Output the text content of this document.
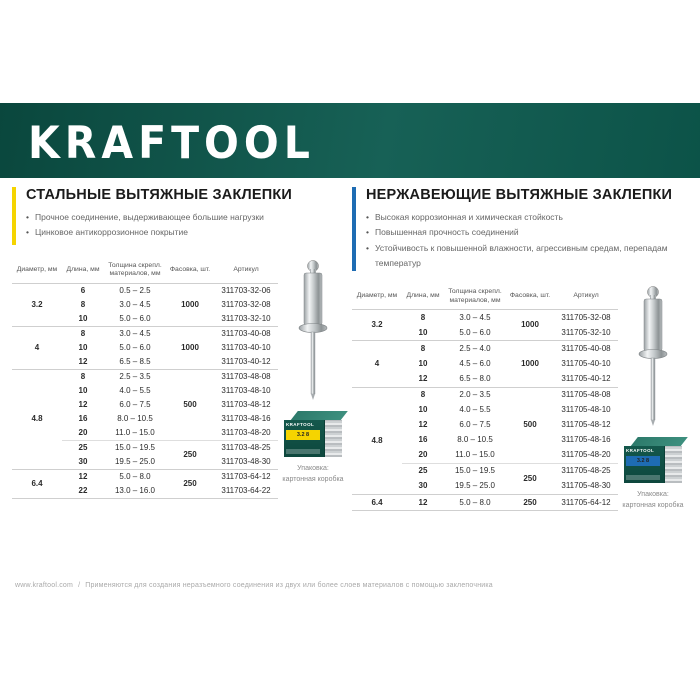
KRAFTOOL
СТАЛЬНЫЕ ВЫТЯЖНЫЕ ЗАКЛЕПКИ
• Прочное соединение, выдерживающее большие нагрузки
• Цинковое антикоррозионное покрытие
Диаметр, мм	Длина, мм	Толщина скрепл.
материалов, мм	Фасовка, шт.	Артикул
3.2	6	0.5 – 2.5	1000	311703-32-06
	8	3.0 – 4.5		311703-32-08
	10	5.0 – 6.0		311703-32-10
4	8	3.0 – 4.5	1000	311703-40-08
	10	5.0 – 6.0		311703-40-10
	12	6.5 – 8.5		311703-40-12
4.8	8	2.5 – 3.5	500	311703-48-08
	10	4.0 – 5.5		311703-48-10
	12	6.0 – 7.5		311703-48-12
	16	8.0 – 10.5		311703-48-16
	20	11.0 – 15.0		311703-48-20
	25	15.0 – 19.5	250	311703-48-25
	30	19.5 – 25.0		311703-48-30
6.4	12	5.0 – 8.0	250	311703-64-12
	22	13.0 – 16.0		311703-64-22
KRAFTOOL
3.2 8
Упаковка:
картонная коробка
НЕРЖАВЕЮЩИЕ ВЫТЯЖНЫЕ ЗАКЛЕПКИ
• Высокая коррозионная и химическая стойкость
• Повышенная прочность соединений
• Устойчивость к повышенной влажности, агрессивным средам, перепадам температур
Диаметр, мм	Длина, мм	Толщина скрепл.
материалов, мм	Фасовка, шт.	Артикул
3.2	8	3.0 – 4.5	1000	311705-32-08
	10	5.0 – 6.0		311705-32-10
4	8	2.5 – 4.0	1000	311705-40-08
	10	4.5 – 6.0		311705-40-10
	12	6.5 – 8.0		311705-40-12
4.8	8	2.0 – 3.5	500	311705-48-08
	10	4.0 – 5.5		311705-48-10
	12	6.0 – 7.5		311705-48-12
	16	8.0 – 10.5		311705-48-16
	20	11.0 – 15.0		311705-48-20
	25	15.0 – 19.5	250	311705-48-25
	30	19.5 – 25.0		311705-48-30
6.4	12	5.0 – 8.0	250	311705-64-12
KRAFTOOL
3.2 8
Упаковка:
картонная коробка
www.kraftool.com / Применяются для создания неразъемного соединения из двух или более слоев материалов с помощью заклепочника
